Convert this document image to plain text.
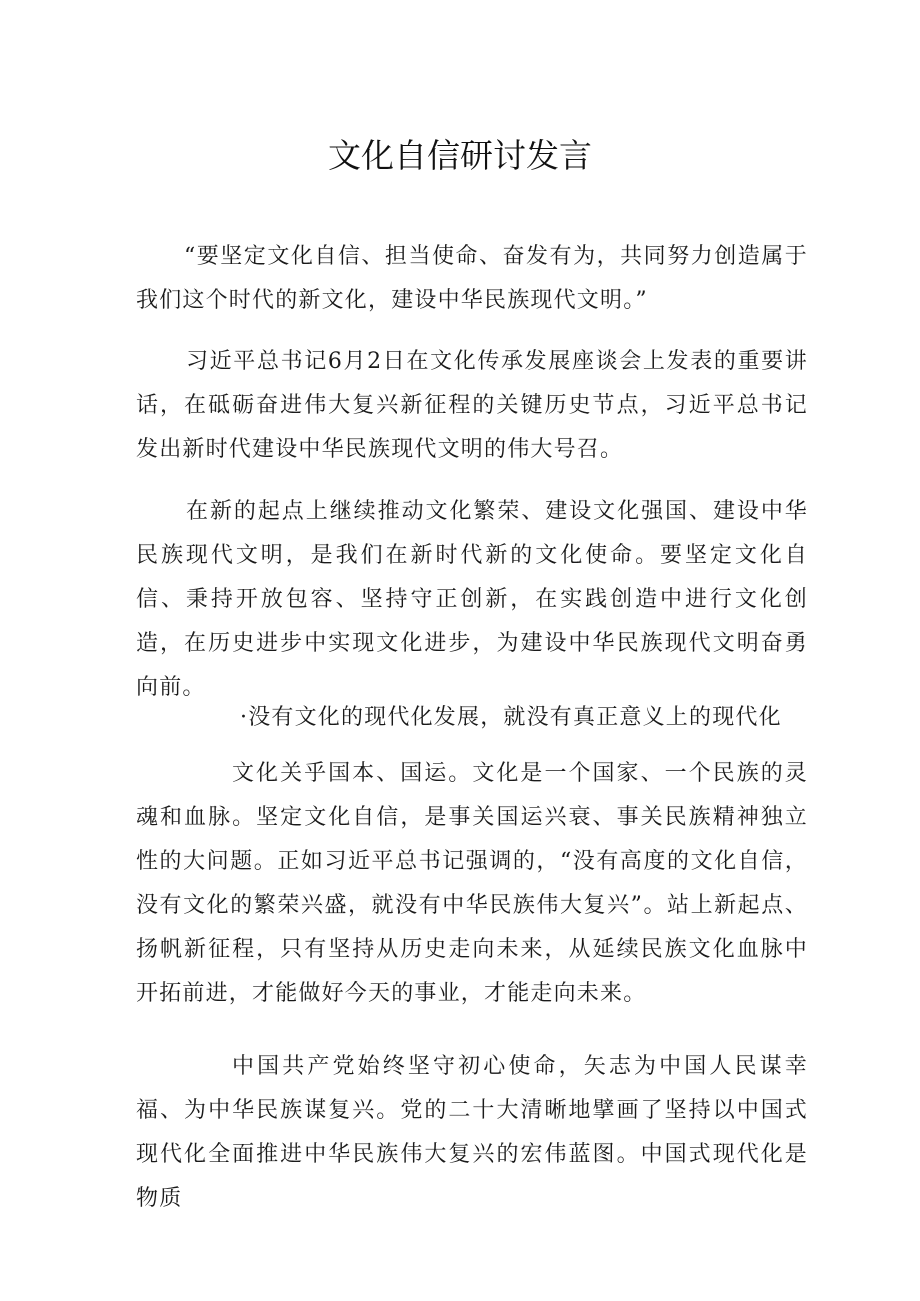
文化自信研讨发言

“要坚定文化自信、担当使命、奋发有为，共同努力创造属于我们这个时代的新文化，建设中华民族现代文明。”

习近平总书记6月2日在文化传承发展座谈会上发表的重要讲话，在砥砺奋进伟大复兴新征程的关键历史节点，习近平总书记发出新时代建设中华民族现代文明的伟大号召。

在新的起点上继续推动文化繁荣、建设文化强国、建设中华民族现代文明，是我们在新时代新的文化使命。要坚定文化自信、秉持开放包容、坚持守正创新，在实践创造中进行文化创造，在历史进步中实现文化进步，为建设中华民族现代文明奋勇向前。

·没有文化的现代化发展，就没有真正意义上的现代化

文化关乎国本、国运。文化是一个国家、一个民族的灵魂和血脉。坚定文化自信，是事关国运兴衰、事关民族精神独立性的大问题。正如习近平总书记强调的，“没有高度的文化自信，没有文化的繁荣兴盛，就没有中华民族伟大复兴”。站上新起点、扬帆新征程，只有坚持从历史走向未来，从延续民族文化血脉中开拓前进，才能做好今天的事业，才能走向未来。

中国共产党始终坚守初心使命，矢志为中国人民谋幸福、为中华民族谋复兴。党的二十大清晰地擘画了坚持以中国式现代化全面推进中华民族伟大复兴的宏伟蓝图。中国式现代化是物质
